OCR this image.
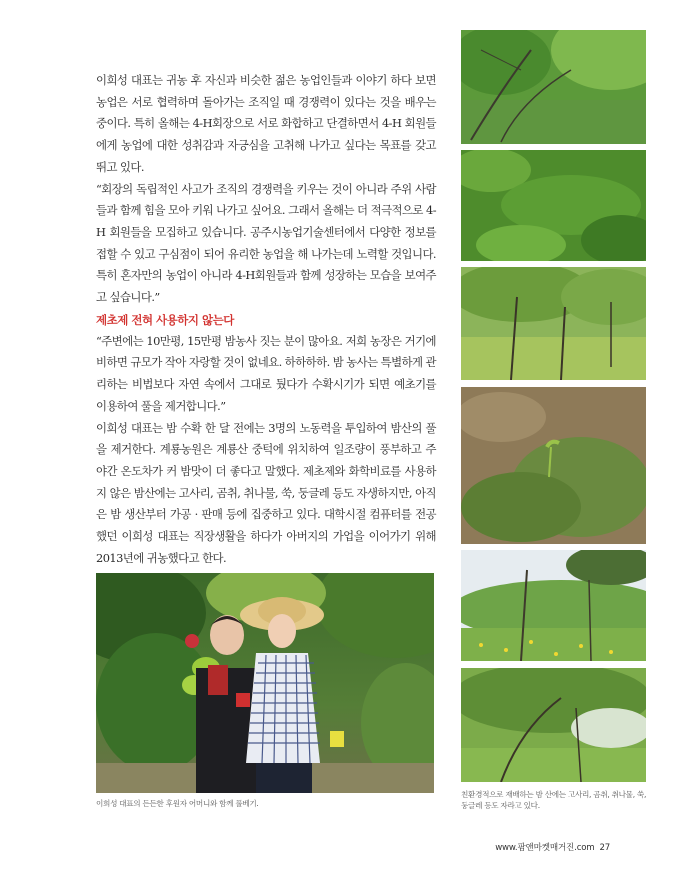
이희성 대표는 귀농 후 자신과 비슷한 젊은 농업인들과 이야기 하다 보면 농업은 서로 협력하며 돌아가는 조직일 때 경쟁력이 있다는 것을 배우는 중이다. 특히 올해는 4-H회장으로 서로 화합하고 단결하면서 4-H 회원들에게 농업에 대한 성취감과 자긍심을 고취해 나가고 싶다는 목표를 갖고 뛰고 있다.

“회장의 독립적인 사고가 조직의 경쟁력을 키우는 것이 아니라 주위 사람들과 함께 힘을 모아 키워 나가고 싶어요. 그래서 올해는 더 적극적으로 4-H 회원들을 모집하고 있습니다. 공주시농업기술센터에서 다양한 정보를 접할 수 있고 구심점이 되어 유리한 농업을 해 나가는데 노력할 것입니다. 특히 혼자만의 농업이 아니라 4-H회원들과 함께 성장하는 모습을 보여주고 싶습니다.”

제초제 전혀 사용하지 않는다

“주변에는 10만평, 15만평 밤농사 짓는 분이 많아요. 저희 농장은 거기에 비하면 규모가 작아 자랑할 것이 없네요. 하하하하. 밤 농사는 특별하게 관리하는 비법보다 자연 속에서 그대로 뒀다가 수확시기가 되면 예초기를 이용하여 풀을 제거합니다.”

이희성 대표는 밤 수확 한 달 전에는 3명의 노동력을 투입하여 밤산의 풀을 제거한다. 계룡농원은 계룡산 중턱에 위치하여 일조량이 풍부하고 주야간 온도차가 커 밤맛이 더 좋다고 말했다. 제초제와 화학비료를 사용하지 않은 밤산에는 고사리, 곰취, 취나물, 쑥, 둥글레 등도 자생하지만, 아직은 밤 생산부터 가공 · 판매 등에 집중하고 있다. 대학시절 컴퓨터를 전공했던 이희성 대표는 직장생활을 하다가 아버지의 가업을 이어가기 위해 2013년에 귀농했다고 한다.

이희성 대표의 든든한 후원자 어머니와 함께 풀베기.
친환경적으로 재배하는 밤 산에는 고사리, 곰취, 취나물, 쑥, 둥글레 등도 자라고 있다.
www.팜앤마켓매거진.com 27
